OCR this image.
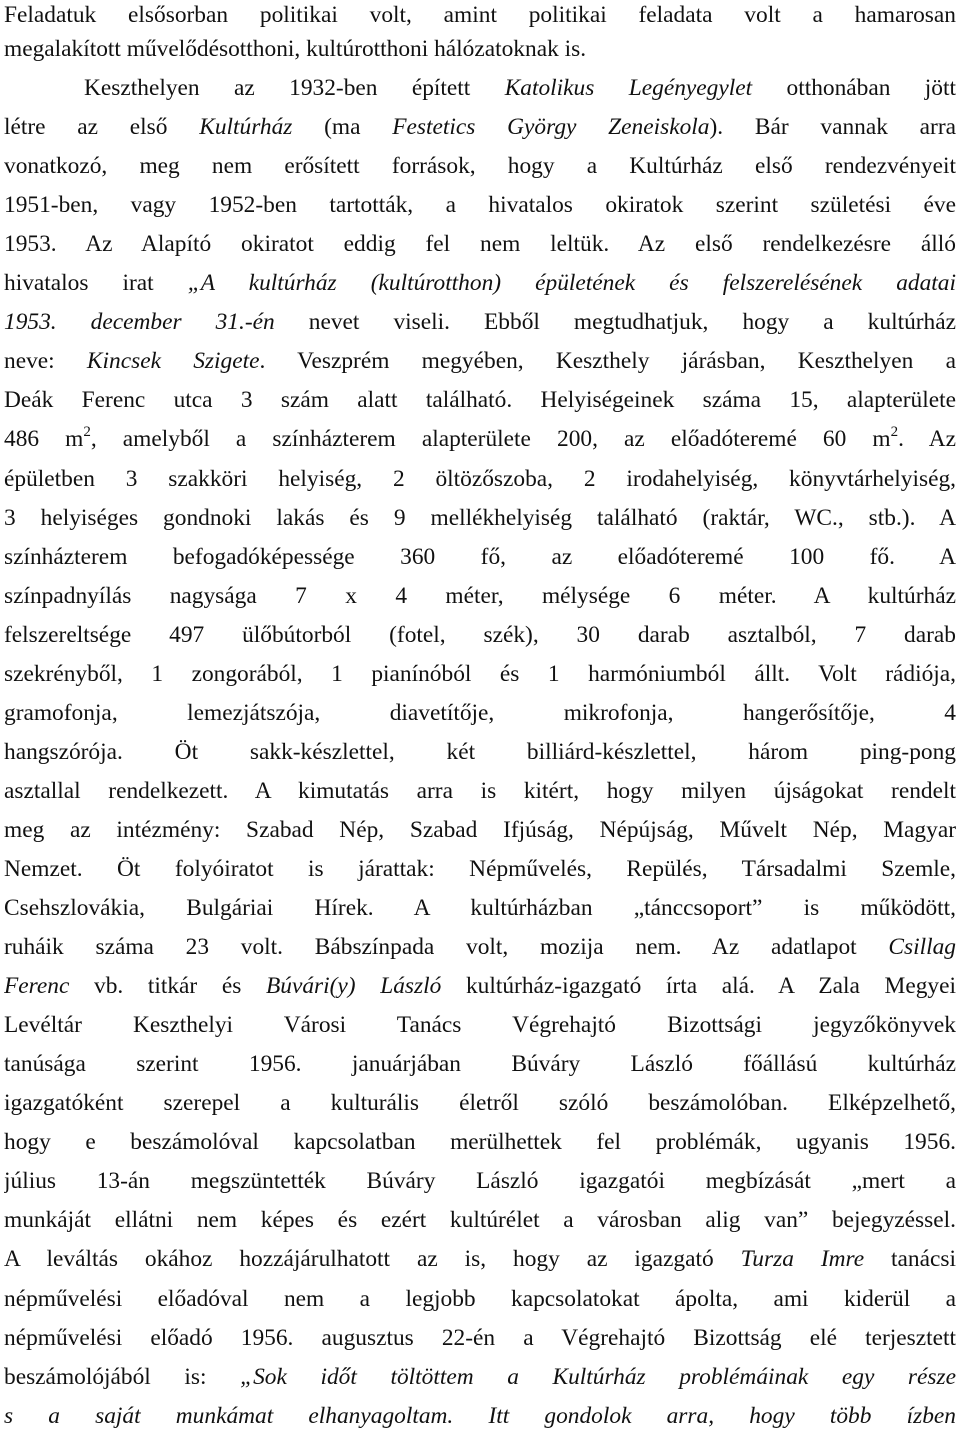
Feladatuk elsősorban politikai volt, amint politikai feladata volt a hamarosan
megalakított művelődésotthoni, kultúrotthoni hálózatoknak is.
Keszthelyen az 1932-ben épített Katolikus Legényegylet otthonában jött
létre az első Kultúrház (ma Festetics György Zeneiskola). Bár vannak arra
vonatkozó, meg nem erősített források, hogy a Kultúrház első rendezvényeit
1951-ben, vagy 1952-ben tartották, a hivatalos okiratok szerint születési éve
1953. Az Alapító okiratot eddig fel nem leltük. Az első rendelkezésre álló
hivatalos irat „A kultúrház (kultúrotthon) épületének és felszerelésének adatai
1953. december 31.-én nevet viseli. Ebből megtudhatjuk, hogy a kultúrház
neve: Kincsek Szigete. Veszprém megyében, Keszthely járásban, Keszthelyen a
Deák Ferenc utca 3 szám alatt található. Helyiségeinek száma 15, alapterülete
486 $m^2$, amelyből a színházterem alapterülete 200, az előadóteremé 60 $m^2$. Az
épületben 3 szakköri helyiség, 2 öltözőszoba, 2 irodahelyiség, könyvtárhelyiség,
3 helyiséges gondnoki lakás és 9 mellékhelyiség található (raktár, WC., stb.). A
színházterem befogadóképessége 360 fő, az előadóteremé 100 fő. A
színpadnyílás nagysága 7 x 4 méter, mélysége 6 méter. A kultúrház
felszereltsége 497 ülőbútorból (fotel, szék), 30 darab asztalból, 7 darab
szekrényből, 1 zongorából, 1 pianínóból és 1 harmóniumból állt. Volt rádiója,
gramofonja, lemezjátszója, diavetítője, mikrofonja, hangerősítője, 4
hangszórója. Öt sakk-készlettel, két billiárd-készlettel, három ping-pong
asztallal rendelkezett. A kimutatás arra is kitért, hogy milyen újságokat rendelt
meg az intézmény: Szabad Nép, Szabad Ifjúság, Népújság, Művelt Nép, Magyar
Nemzet. Öt folyóiratot is járattak: Népművelés, Repülés, Társadalmi Szemle,
Csehszlovákia, Bulgáriai Hírek. A kultúrházban „tánccsoport” is működött,
ruháik száma 23 volt. Bábszínpada volt, mozija nem. Az adatlapot Csillag
Ferenc vb. titkár és Búvári(y) László kultúrház-igazgató írta alá. A Zala Megyei
Levéltár Keszthelyi Városi Tanács Végrehajtó Bizottsági jegyzőkönyvek
tanúsága szerint 1956. januárjában Búváry László főállású kultúrház
igazgatóként szerepel a kulturális életről szóló beszámolóban. Elképzelhető,
hogy e beszámolóval kapcsolatban merülhettek fel problémák, ugyanis 1956.
július 13-án megszüntették Búváry László igazgatói megbízását „mert a
munkáját ellátni nem képes és ezért kultúrélet a városban alig van” bejegyzéssel.
A leváltás okához hozzájárulhatott az is, hogy az igazgató Turza Imre tanácsi
népművelési előadóval nem a legjobb kapcsolatokat ápolta, ami kiderül a
népművelési előadó 1956. augusztus 22-én a Végrehajtó Bizottság elé terjesztett
beszámolójából is: „Sok időt töltöttem a Kultúrház problémáinak egy része
s a saját munkámat elhanyagoltam. Itt gondolok arra, hogy több ízben
